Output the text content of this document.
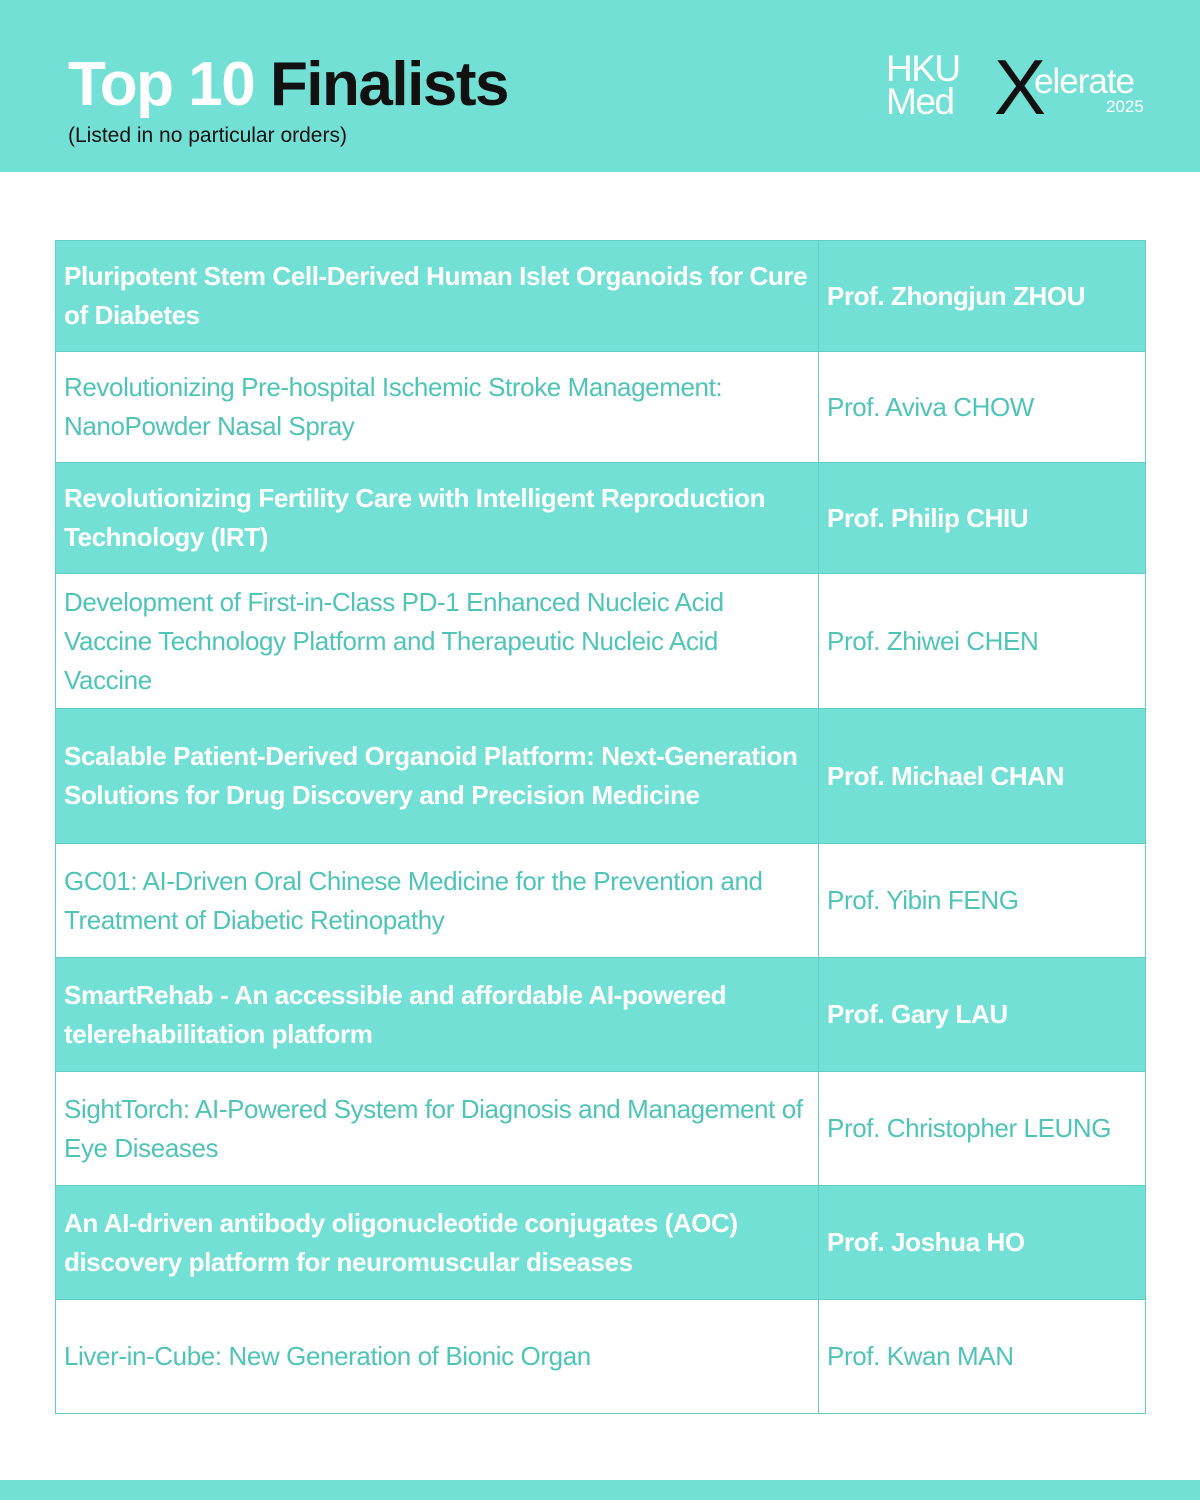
Top 10 Finalists
(Listed in no particular orders)
HKU
Med X
elerate
2025
Pluripotent Stem Cell-Derived Human Islet Organoids for Cure of Diabetes	Prof. Zhongjun ZHOU
Revolutionizing Pre-hospital Ischemic Stroke Management: NanoPowder Nasal Spray	Prof. Aviva CHOW
Revolutionizing Fertility Care with Intelligent Reproduction Technology (IRT)	Prof. Philip CHIU
Development of First-in-Class PD-1 Enhanced Nucleic Acid Vaccine Technology Platform and Therapeutic Nucleic Acid Vaccine	Prof. Zhiwei CHEN
Scalable Patient-Derived Organoid Platform: Next-Generation Solutions for Drug Discovery and Precision Medicine	Prof. Michael CHAN
GC01: AI-Driven Oral Chinese Medicine for the Prevention and Treatment of Diabetic Retinopathy	Prof. Yibin FENG
SmartRehab - An accessible and affordable AI-powered telerehabilitation platform	Prof. Gary LAU
SightTorch: AI-Powered System for Diagnosis and Management of Eye Diseases	Prof. Christopher LEUNG
An AI-driven antibody oligonucleotide conjugates (AOC) discovery platform for neuromuscular diseases	Prof. Joshua HO
Liver-in-Cube: New Generation of Bionic Organ	Prof. Kwan MAN
